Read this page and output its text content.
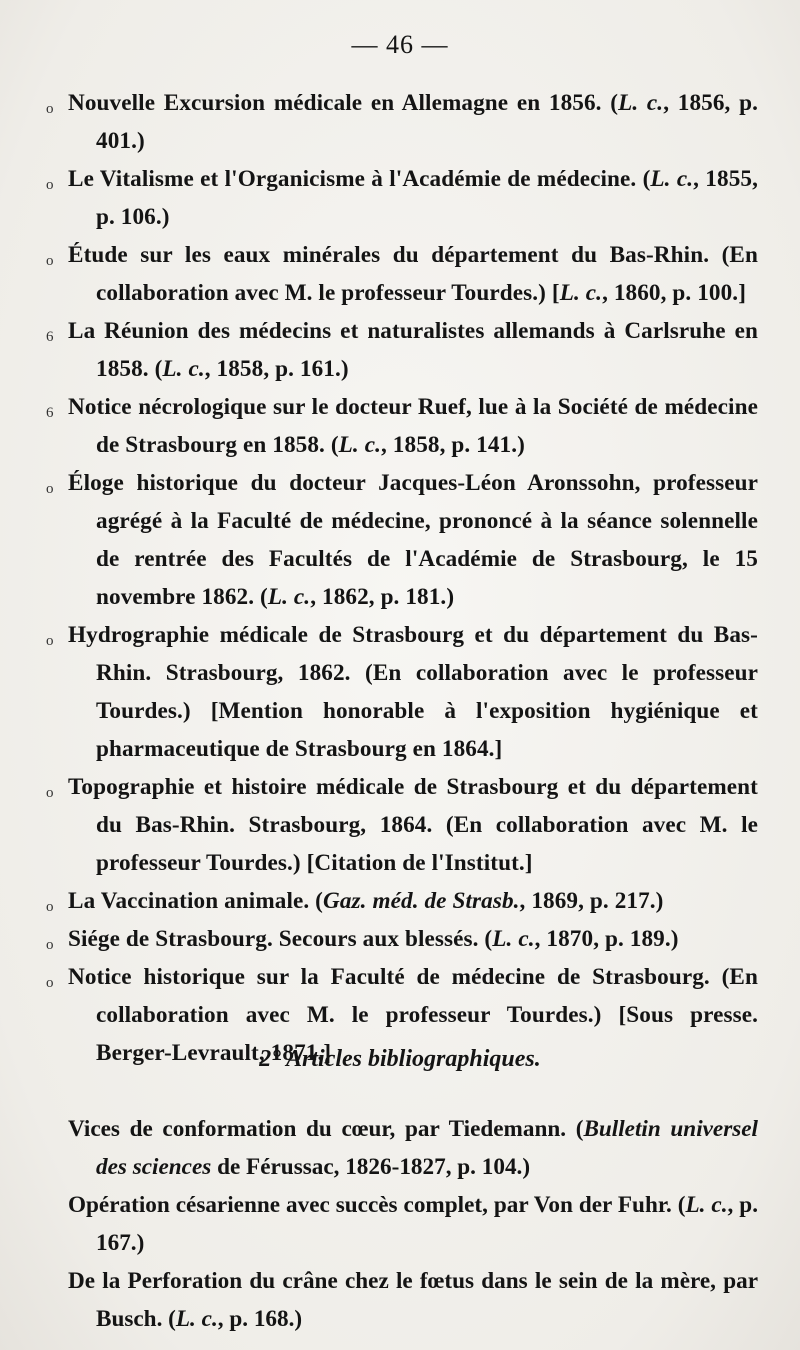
— 46 —
o Nouvelle Excursion médicale en Allemagne en 1856. (L. c., 1856, p. 401.)
o Le Vitalisme et l'Organicisme à l'Académie de médecine. (L. c., 1855, p. 106.)
o Étude sur les eaux minérales du département du Bas-Rhin. (En collaboration avec M. le professeur Tourdes.) [L. c., 1860, p. 100.]
6 La Réunion des médecins et naturalistes allemands à Carlsruhe en 1858. (L. c., 1858, p. 161.)
6 Notice nécrologique sur le docteur Ruef, lue à la Société de médecine de Strasbourg en 1858. (L. c., 1858, p. 141.)
o Éloge historique du docteur Jacques-Léon Aronssohn, professeur agrégé à la Faculté de médecine, prononcé à la séance solennelle de rentrée des Facultés de l'Académie de Strasbourg, le 15 novembre 1862. (L. c., 1862, p. 181.)
o Hydrographie médicale de Strasbourg et du département du Bas-Rhin. Strasbourg, 1862. (En collaboration avec le professeur Tourdes.) [Mention honorable à l'exposition hygiénique et pharmaceutique de Strasbourg en 1864.]
o Topographie et histoire médicale de Strasbourg et du département du Bas-Rhin. Strasbourg, 1864. (En collaboration avec M. le professeur Tourdes.) [Citation de l'Institut.]
o La Vaccination animale. (Gaz. méd. de Strasb., 1869, p. 217.)
o Siége de Strasbourg. Secours aux blessés. (L. c., 1870, p. 189.)
o Notice historique sur la Faculté de médecine de Strasbourg. (En collaboration avec M. le professeur Tourdes.) [Sous presse. Berger-Levrault, 1871.]
2° Articles bibliographiques.
Vices de conformation du cœur, par Tiedemann. (Bulletin universel des sciences de Férussac, 1826-1827, p. 104.)
Opération césarienne avec succès complet, par Von der Fuhr. (L. c., p. 167.)
De la Perforation du crâne chez le fœtus dans le sein de la mère, par Busch. (L. c., p. 168.)
